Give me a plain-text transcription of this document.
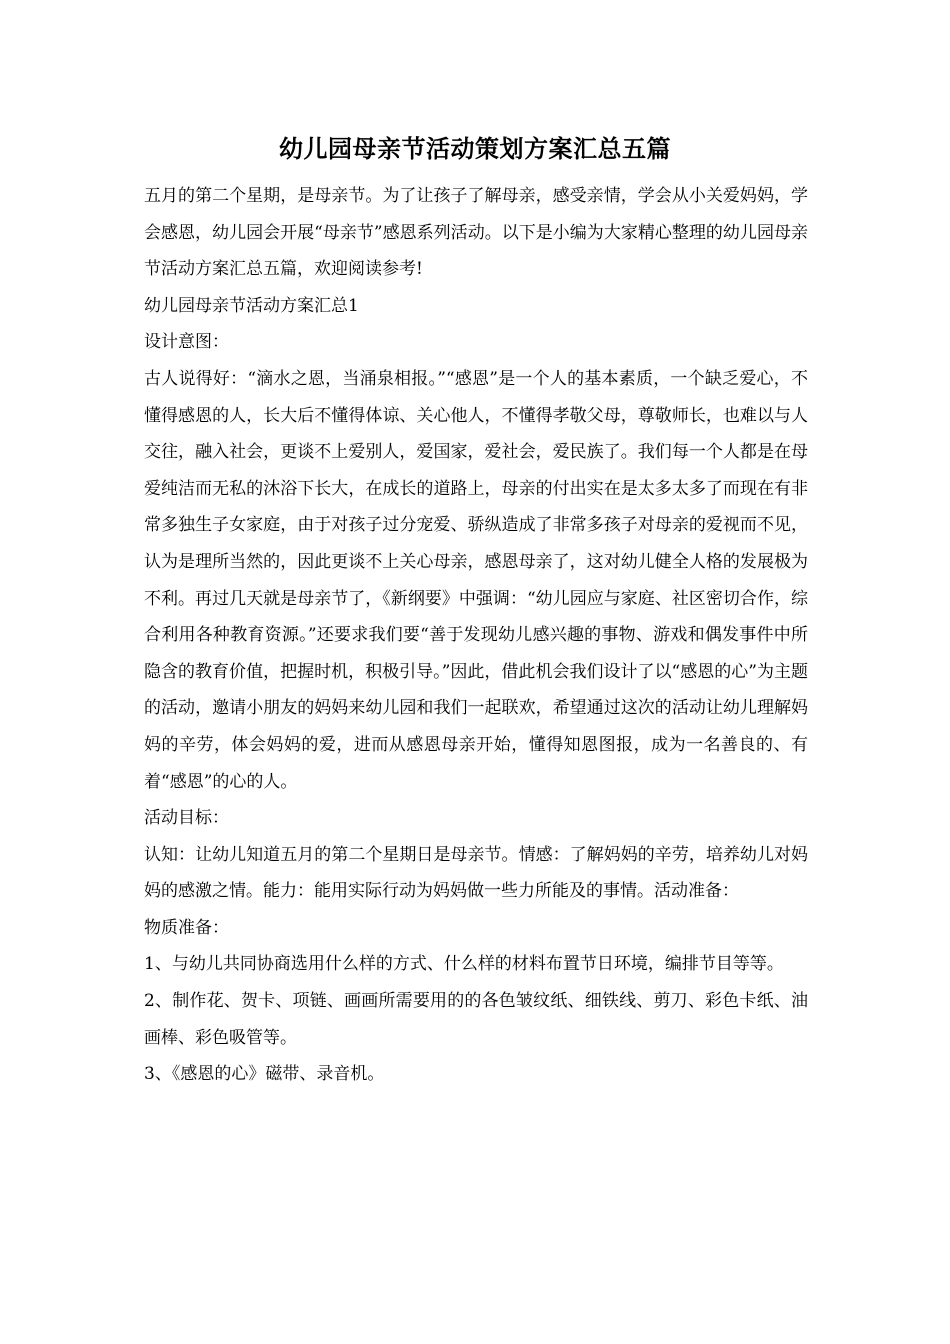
幼儿园母亲节活动策划方案汇总五篇

五月的第二个星期，是母亲节。为了让孩子了解母亲，感受亲情，学会从小关爱妈妈，学会感恩，幼儿园会开展“母亲节”感恩系列活动。以下是小编为大家精心整理的幼儿园母亲节活动方案汇总五篇，欢迎阅读参考!

幼儿园母亲节活动方案汇总1

设计意图：

古人说得好：“滴水之恩，当涌泉相报。”“感恩”是一个人的基本素质，一个缺乏爱心，不懂得感恩的人，长大后不懂得体谅、关心他人，不懂得孝敬父母，尊敬师长，也难以与人交往，融入社会，更谈不上爱别人，爱国家，爱社会，爱民族了。我们每一个人都是在母爱纯洁而无私的沐浴下长大，在成长的道路上，母亲的付出实在是太多太多了而现在有非常多独生子女家庭，由于对孩子过分宠爱、骄纵造成了非常多孩子对母亲的爱视而不见，认为是理所当然的，因此更谈不上关心母亲，感恩母亲了，这对幼儿健全人格的发展极为不利。再过几天就是母亲节了，《新纲要》中强调：“幼儿园应与家庭、社区密切合作，综合利用各种教育资源。”还要求我们要“善于发现幼儿感兴趣的事物、游戏和偶发事件中所隐含的教育价值，把握时机，积极引导。”因此，借此机会我们设计了以“感恩的心”为主题的活动，邀请小朋友的妈妈来幼儿园和我们一起联欢，希望通过这次的活动让幼儿理解妈妈的辛劳，体会妈妈的爱，进而从感恩母亲开始，懂得知恩图报，成为一名善良的、有着“感恩”的心的人。

活动目标：

认知：让幼儿知道五月的第二个星期日是母亲节。情感：了解妈妈的辛劳，培养幼儿对妈妈的感激之情。能力：能用实际行动为妈妈做一些力所能及的事情。活动准备：

物质准备：

1、与幼儿共同协商选用什么样的方式、什么样的材料布置节日环境，编排节目等等。

2、制作花、贺卡、项链、画画所需要用的的各色皱纹纸、细铁线、剪刀、彩色卡纸、油画棒、彩色吸管等。

3、《感恩的心》磁带、录音机。
